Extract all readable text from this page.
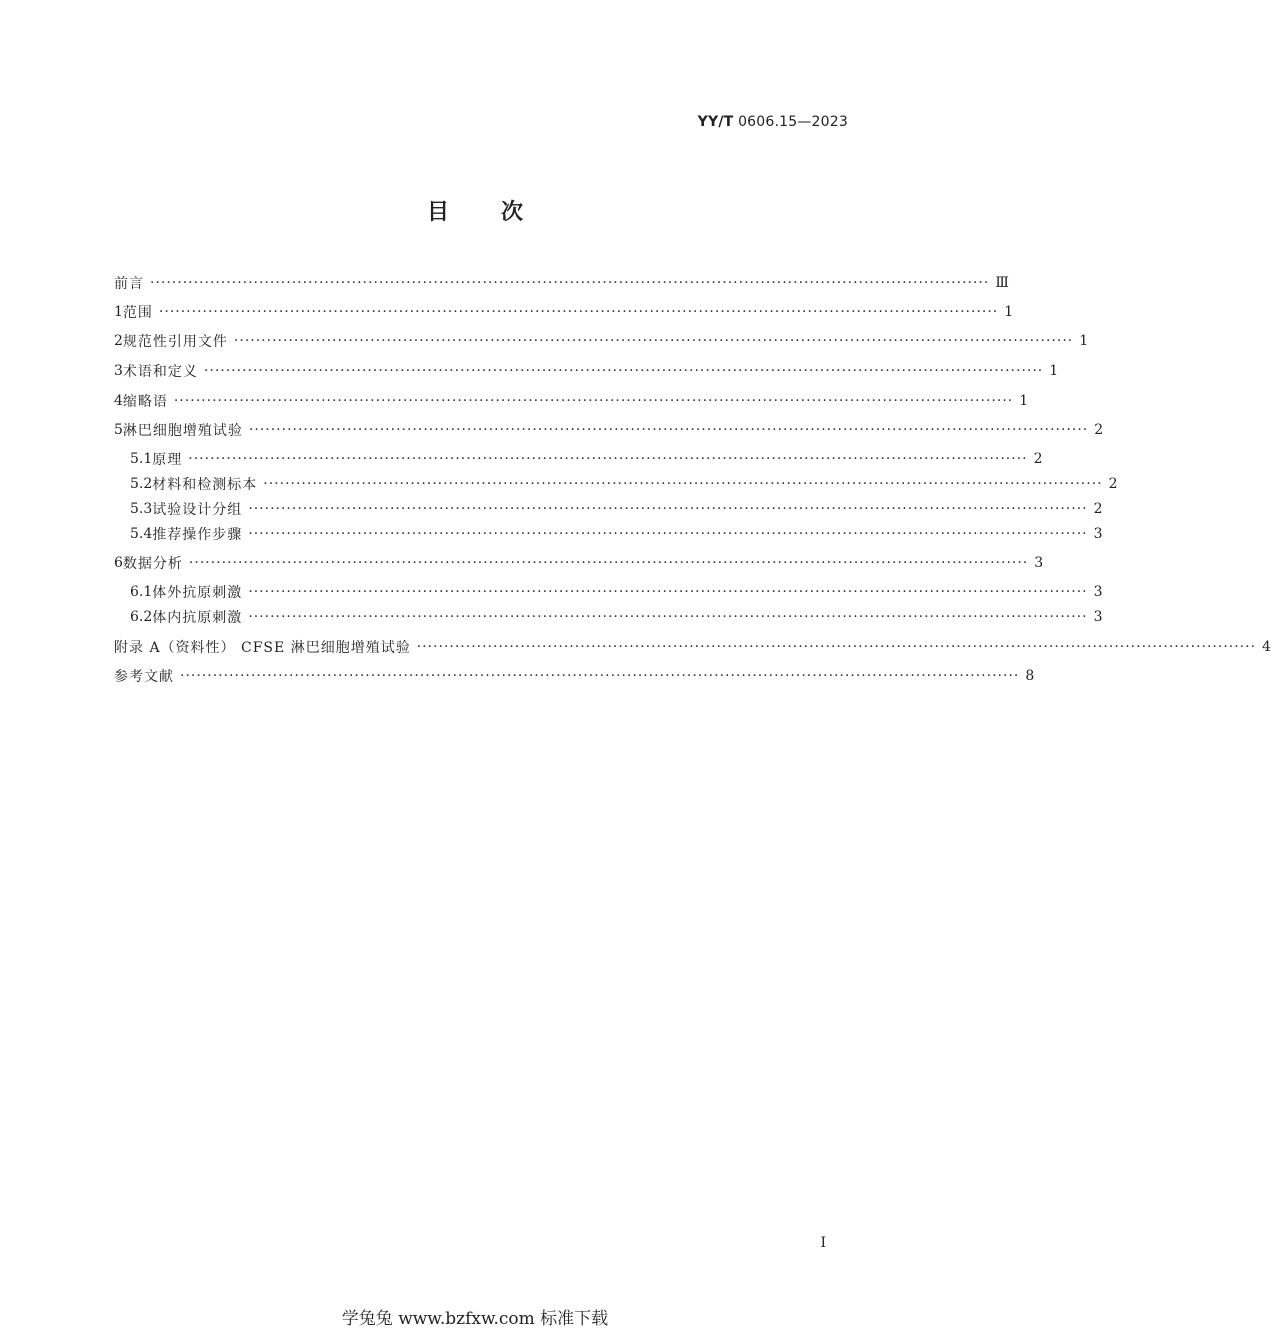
YY/T 0606.15—2023
目 次
前言 ·························································································································································· Ⅲ
1 范围 ·························································································································································· 1
2 规范性引用文件 ·························································································································································· 1
3 术语和定义 ·························································································································································· 1
4 缩略语 ·························································································································································· 1
5 淋巴细胞增殖试验 ·························································································································································· 2
5.1 原理 ·························································································································································· 2
5.2 材料和检测标本 ·························································································································································· 2
5.3 试验设计分组 ·························································································································································· 2
5.4 推荐操作步骤 ·························································································································································· 3
6 数据分析 ·························································································································································· 3
6.1 体外抗原刺激 ·························································································································································· 3
6.2 体内抗原刺激 ·························································································································································· 3
附录 A（资料性） CFSE 淋巴细胞增殖试验 ·························································································································································· 4
参考文献 ·························································································································································· 8
I
学兔兔 www.bzfxw.com 标准下载
